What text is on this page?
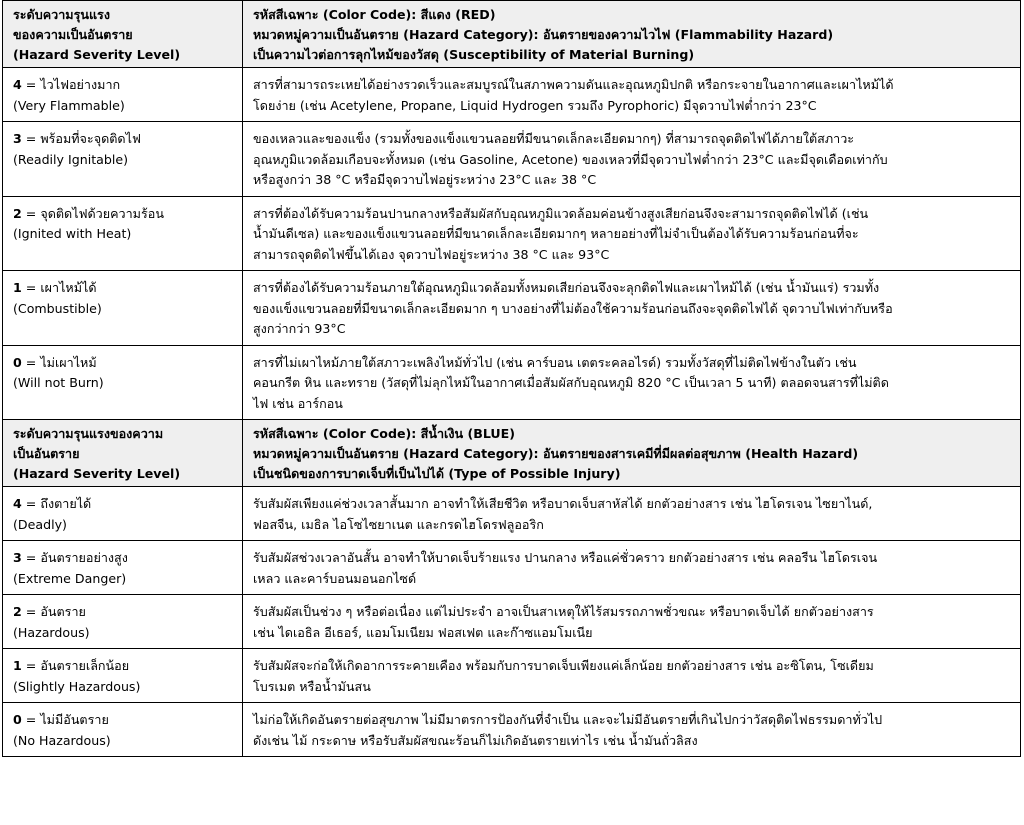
ระดับความรุนแรง
ของความเป็นอันตราย
(Hazard Severity Level)	รหัสสีเฉพาะ (Color Code): สีแดง (RED)
หมวดหมู่ความเป็นอันตราย (Hazard Category): อันตรายของความไวไฟ (Flammability Hazard)
เป็นความไวต่อการลุกไหม้ของวัสดุ (Susceptibility of Material Burning)

4 = ไวไฟอย่างมาก
(Very Flammable)	สารที่สามารถระเหยได้อย่างรวดเร็วและสมบูรณ์ในสภาพความดันและอุณหภูมิปกติ หรือกระจายในอากาศและเผาไหม้ได้
โดยง่าย (เช่น Acetylene, Propane, Liquid Hydrogen รวมถึง Pyrophoric) มีจุดวาบไฟต่ำกว่า 23°C

3 = พร้อมที่จะจุดติดไฟ
(Readily Ignitable)	ของเหลวและของแข็ง (รวมทั้งของแข็งแขวนลอยที่มีขนาดเล็กละเอียดมากๆ) ที่สามารถจุดติดไฟได้ภายใต้สภาวะ
อุณหภูมิแวดล้อมเกือบจะทั้งหมด (เช่น Gasoline, Acetone) ของเหลวที่มีจุดวาบไฟต่ำกว่า 23°C และมีจุดเดือดเท่ากับ
หรือสูงกว่า 38 °C หรือมีจุดวาบไฟอยู่ระหว่าง 23°C และ 38 °C

2 = จุดติดไฟด้วยความร้อน
(Ignited with Heat)	สารที่ต้องได้รับความร้อนปานกลางหรือสัมผัสกับอุณหภูมิแวดล้อมค่อนข้างสูงเสียก่อนจึงจะสามารถจุดติดไฟได้ (เช่น
น้ำมันดีเซล) และของแข็งแขวนลอยที่มีขนาดเล็กละเอียดมากๆ หลายอย่างที่ไม่จำเป็นต้องได้รับความร้อนก่อนที่จะ
สามารถจุดติดไฟขึ้นได้เอง จุดวาบไฟอยู่ระหว่าง 38 °C และ 93°C

1 = เผาไหม้ได้
(Combustible)	สารที่ต้องได้รับความร้อนภายใต้อุณหภูมิแวดล้อมทั้งหมดเสียก่อนจึงจะลุกติดไฟและเผาไหม้ได้ (เช่น น้ำมันแร่) รวมทั้ง
ของแข็งแขวนลอยที่มีขนาดเล็กละเอียดมาก ๆ บางอย่างที่ไม่ต้องใช้ความร้อนก่อนถึงจะจุดติดไฟได้ จุดวาบไฟเท่ากับหรือ
สูงกว่ากว่า 93°C

0 = ไม่เผาไหม้
(Will not Burn)	สารที่ไม่เผาไหม้ภายใต้สภาวะเพลิงไหม้ทั่วไป (เช่น คาร์บอน เตตระคลอไรด์) รวมทั้งวัสดุที่ไม่ติดไฟข้างในตัว เช่น
คอนกรีต หิน และทราย (วัสดุที่ไม่ลุกไหม้ในอากาศเมื่อสัมผัสกับอุณหภูมิ 820 °C เป็นเวลา 5 นาที) ตลอดจนสารที่ไม่ติด
ไฟ เช่น อาร์กอน

ระดับความรุนแรงของความ
เป็นอันตราย
(Hazard Severity Level)	รหัสสีเฉพาะ (Color Code): สีน้ำเงิน (BLUE)
หมวดหมู่ความเป็นอันตราย (Hazard Category): อันตรายของสารเคมีที่มีผลต่อสุขภาพ (Health Hazard)
เป็นชนิดของการบาดเจ็บที่เป็นไปได้ (Type of Possible Injury)

4 = ถึงตายได้
(Deadly)	รับสัมผัสเพียงแค่ช่วงเวลาสั้นมาก อาจทำให้เสียชีวิต หรือบาดเจ็บสาหัสได้ ยกตัวอย่างสาร เช่น ไฮโดรเจน ไซยาไนด์,
ฟอสจีน, เมธิล ไอโซไซยาเนต และกรดไฮโดรฟลูออริก

3 = อันตรายอย่างสูง
(Extreme Danger)	รับสัมผัสช่วงเวลาอันสั้น อาจทำให้บาดเจ็บร้ายแรง ปานกลาง หรือแค่ชั่วคราว ยกตัวอย่างสาร เช่น คลอรีน ไฮโดรเจน
เหลว และคาร์บอนมอนอกไซด์

2 = อันตราย
(Hazardous)	รับสัมผัสเป็นช่วง ๆ หรือต่อเนื่อง แต่ไม่ประจำ อาจเป็นสาเหตุให้ไร้สมรรถภาพชั่วขณะ หรือบาดเจ็บได้ ยกตัวอย่างสาร
เช่น ไดเอธิล อีเธอร์, แอมโมเนียม ฟอสเฟต และก๊าซแอมโมเนีย

1 = อันตรายเล็กน้อย
(Slightly Hazardous)	รับสัมผัสจะก่อให้เกิดอาการระคายเคือง พร้อมกับการบาดเจ็บเพียงแค่เล็กน้อย ยกตัวอย่างสาร เช่น อะซิโตน, โซเดียม
โบรเมต หรือน้ำมันสน

0 = ไม่มีอันตราย
(No Hazardous)	ไม่ก่อให้เกิดอันตรายต่อสุขภาพ ไม่มีมาตรการป้องกันที่จำเป็น และจะไม่มีอันตรายที่เกินไปกว่าวัสดุติดไฟธรรมดาทั่วไป
ดังเช่น ไม้ กระดาษ หรือรับสัมผัสขณะร้อนก็ไม่เกิดอันตรายเท่าไร เช่น น้ำมันถั่วลิสง
